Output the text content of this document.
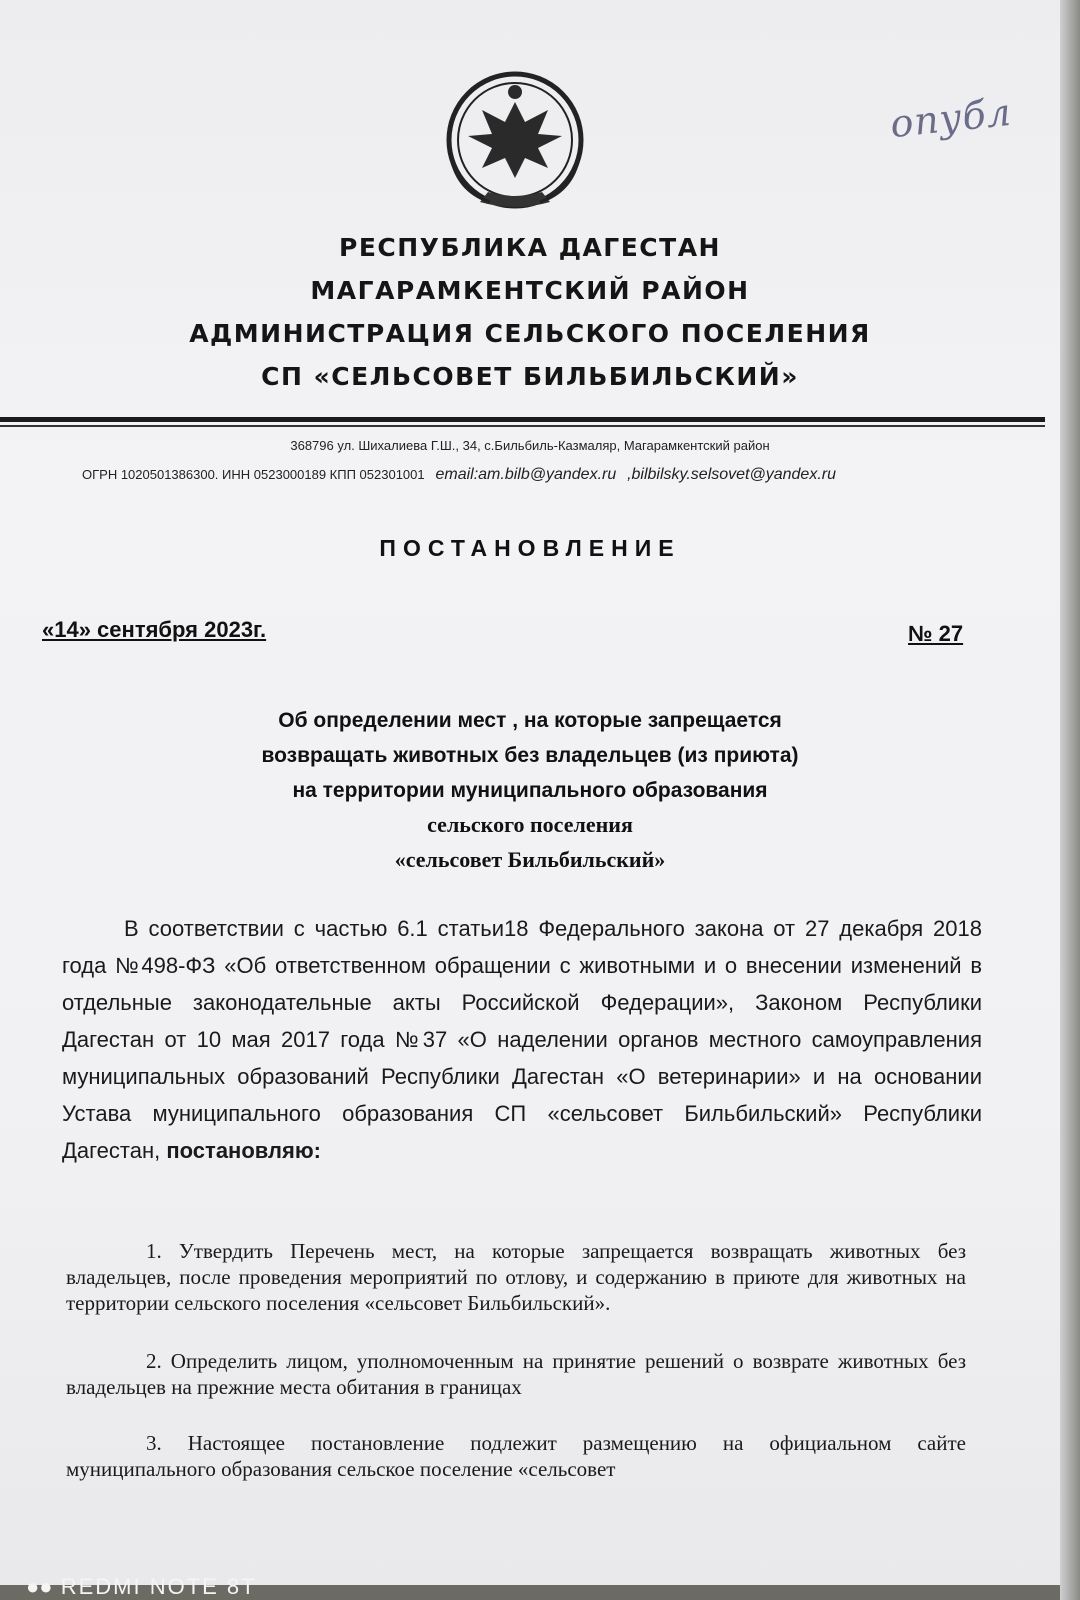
опубл
РЕСПУБЛИКА ДАГЕСТАН
МАГАРАМКЕНТСКИЙ РАЙОН
АДМИНИСТРАЦИЯ СЕЛЬСКОГО ПОСЕЛЕНИЯ
СП «СЕЛЬСОВЕТ БИЛЬБИЛЬСКИЙ»
368796 ул. Шихалиева Г.Ш., 34, с.Бильбиль-Казмаляр, Магарамкентский район
ОГРН 1020501386300. ИНН 0523000189 КПП 052301001 email:am.bilb@yandex.ru ,bilbilsky.selsovet@yandex.ru
ПОСТАНОВЛЕНИЕ
«14» сентября 2023г.	№ 27
Об определении мест , на которые запрещается
возвращать животных без владельцев (из приюта)
на территории муниципального образования
сельского поселения
«сельсовет Бильбильский»
В соответствии с частью 6.1 статьи18 Федерального закона от 27 декабря 2018 года №498-ФЗ «Об ответственном обращении с животными и о внесении изменений в отдельные законодательные акты Российской Федерации», Законом Республики Дагестан от 10 мая 2017 года №37 «О наделении органов местного самоуправления муниципальных образований Республики Дагестан «О ветеринарии» и на основании Устава муниципального образования СП «сельсовет Бильбильский» Республики Дагестан, постановляю:
1. Утвердить Перечень мест, на которые запрещается возвращать животных без владельцев, после проведения мероприятий по отлову, и содержанию в приюте для животных на территории сельского поселения «сельсовет Бильбильский».
2. Определить лицом, уполномоченным на принятие решений о возврате животных без владельцев на прежние места обитания в границах
3. Настоящее постановление подлежит размещению на официальном сайте муниципального образования сельское поселение «сельсовет
●● REDMI NOTE 8T
